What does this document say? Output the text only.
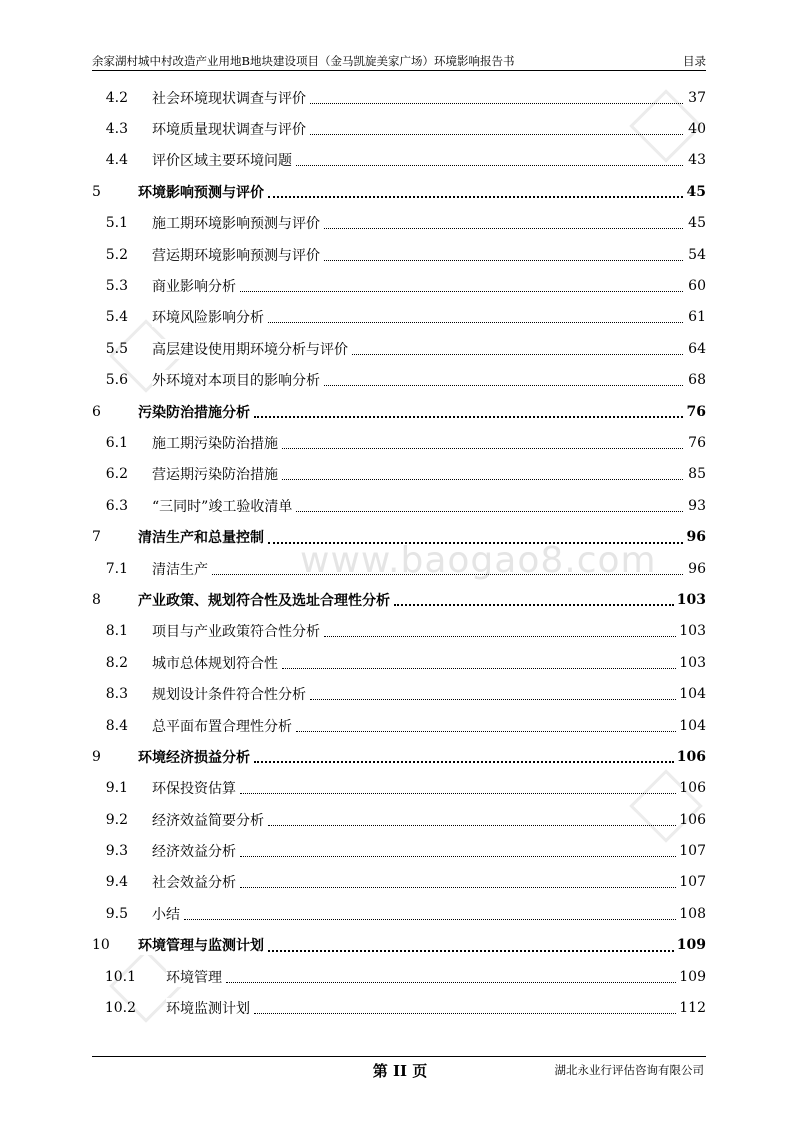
余家湖村城中村改造产业用地B地块建设项目（金马凯旋美家广场）环境影响报告书	目录
www.baogao8.com
4.2 社会环境现状调查与评价	37
4.3 环境质量现状调查与评价	40
4.4 评价区域主要环境问题	43
5	环境影响预测与评价	45
5.1 施工期环境影响预测与评价	45
5.2 营运期环境影响预测与评价	54
5.3 商业影响分析	60
5.4 环境风险影响分析	61
5.5 高层建设使用期环境分析与评价	64
5.6 外环境对本项目的影响分析	68
6	污染防治措施分析	76
6.1 施工期污染防治措施	76
6.2 营运期污染防治措施	85
6.3 “三同时”竣工验收清单	93
7	清洁生产和总量控制	96
7.1 清洁生产	96
8	产业政策、规划符合性及选址合理性分析	103
8.1 项目与产业政策符合性分析	103
8.2 城市总体规划符合性	103
8.3 规划设计条件符合性分析	104
8.4 总平面布置合理性分析	104
9	环境经济损益分析	106
9.1 环保投资估算	106
9.2 经济效益简要分析	106
9.3 经济效益分析	107
9.4 社会效益分析	107
9.5 小结	108
10	环境管理与监测计划	109
10.1 环境管理	109
10.2 环境监测计划	112
第 II 页	湖北永业行评估咨询有限公司
